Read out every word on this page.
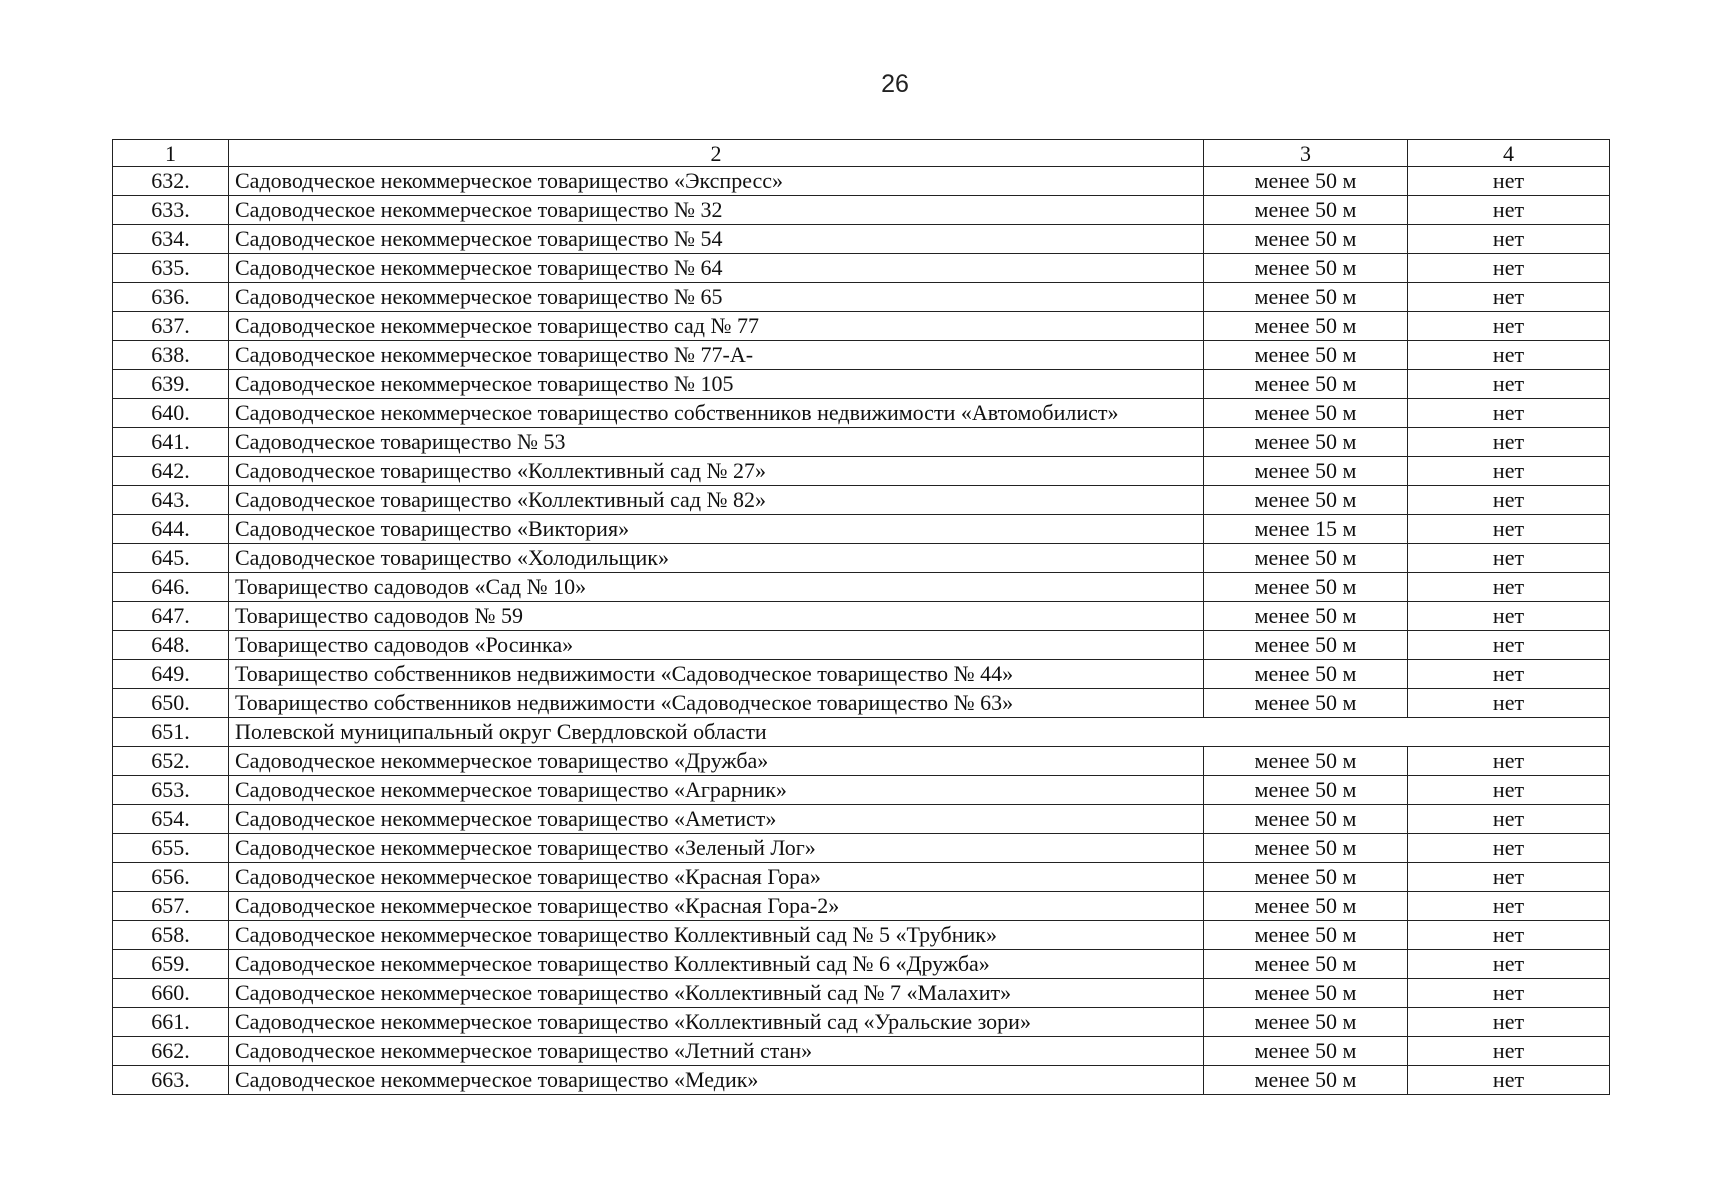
26
1	2	3	4
632.	Садоводческое некоммерческое товарищество «Экспресс»	менее 50 м	нет
633.	Садоводческое некоммерческое товарищество № 32	менее 50 м	нет
634.	Садоводческое некоммерческое товарищество № 54	менее 50 м	нет
635.	Садоводческое некоммерческое товарищество № 64	менее 50 м	нет
636.	Садоводческое некоммерческое товарищество № 65	менее 50 м	нет
637.	Садоводческое некоммерческое товарищество сад № 77	менее 50 м	нет
638.	Садоводческое некоммерческое товарищество № 77-А-	менее 50 м	нет
639.	Садоводческое некоммерческое товарищество № 105	менее 50 м	нет
640.	Садоводческое некоммерческое товарищество собственников недвижимости «Автомобилист»	менее 50 м	нет
641.	Садоводческое товарищество № 53	менее 50 м	нет
642.	Садоводческое товарищество «Коллективный сад № 27»	менее 50 м	нет
643.	Садоводческое товарищество «Коллективный сад № 82»	менее 50 м	нет
644.	Садоводческое товарищество «Виктория»	менее 15 м	нет
645.	Садоводческое товарищество «Холодильщик»	менее 50 м	нет
646.	Товарищество садоводов «Сад № 10»	менее 50 м	нет
647.	Товарищество садоводов № 59	менее 50 м	нет
648.	Товарищество садоводов «Росинка»	менее 50 м	нет
649.	Товарищество собственников недвижимости «Садоводческое товарищество № 44»	менее 50 м	нет
650.	Товарищество собственников недвижимости «Садоводческое товарищество № 63»	менее 50 м	нет
651.	Полевской муниципальный округ Свердловской области		
652.	Садоводческое некоммерческое товарищество «Дружба»	менее 50 м	нет
653.	Садоводческое некоммерческое товарищество «Аграрник»	менее 50 м	нет
654.	Садоводческое некоммерческое товарищество «Аметист»	менее 50 м	нет
655.	Садоводческое некоммерческое товарищество «Зеленый Лог»	менее 50 м	нет
656.	Садоводческое некоммерческое товарищество «Красная Гора»	менее 50 м	нет
657.	Садоводческое некоммерческое товарищество «Красная Гора-2»	менее 50 м	нет
658.	Садоводческое некоммерческое товарищество Коллективный сад № 5 «Трубник»	менее 50 м	нет
659.	Садоводческое некоммерческое товарищество Коллективный сад № 6 «Дружба»	менее 50 м	нет
660.	Садоводческое некоммерческое товарищество «Коллективный сад № 7 «Малахит»	менее 50 м	нет
661.	Садоводческое некоммерческое товарищество «Коллективный сад «Уральские зори»	менее 50 м	нет
662.	Садоводческое некоммерческое товарищество «Летний стан»	менее 50 м	нет
663.	Садоводческое некоммерческое товарищество «Медик»	менее 50 м	нет
